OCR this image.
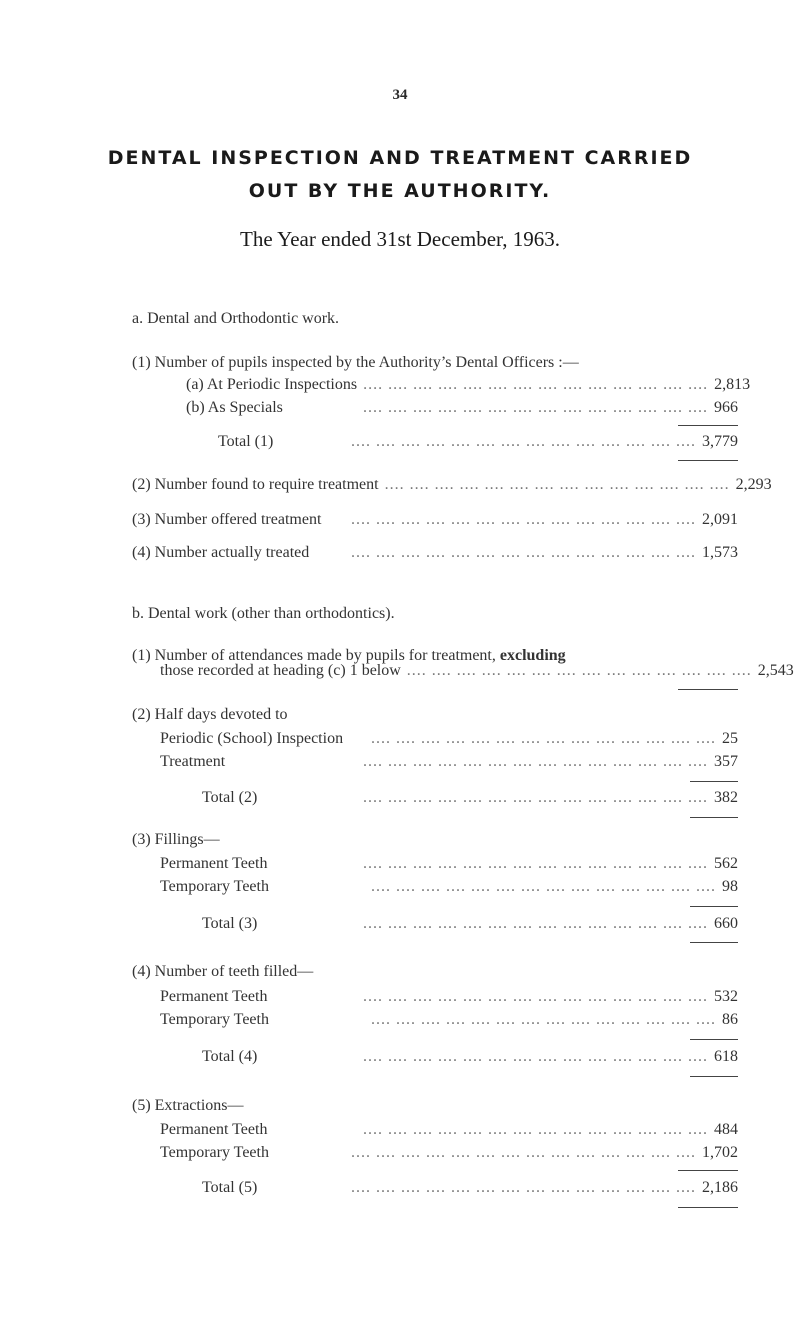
34
DENTAL INSPECTION AND TREATMENT CARRIED
OUT BY THE AUTHORITY.
The Year ended 31st December, 1963.
a. Dental and Orthodontic work.
(1) Number of pupils inspected by the Authority’s Dental Officers :—
(a) At Periodic Inspections .... .... .... .... .... .... .... .... .... .... .... .... .... .... 2,813
(b) As Specials	.... .... .... .... .... .... .... .... .... .... .... .... .... .... 966
Total (1)	.... .... .... .... .... .... .... .... .... .... .... .... .... .... 3,779
(2) Number found to require treatment .... .... .... .... .... .... .... .... .... .... .... .... .... .... 2,293
(3) Number offered treatment	.... .... .... .... .... .... .... .... .... .... .... .... .... .... 2,091
(4) Number actually treated	.... .... .... .... .... .... .... .... .... .... .... .... .... .... 1,573
b. Dental work (other than orthodontics).
(1) Number of attendances made by pupils for treatment, excluding
those recorded at heading (c) 1 below .... .... .... .... .... .... .... .... .... .... .... .... .... .... 2,543
(2) Half days devoted to
Periodic (School) Inspection	.... .... .... .... .... .... .... .... .... .... .... .... .... .... 25
Treatment	.... .... .... .... .... .... .... .... .... .... .... .... .... .... 357
Total (2)	.... .... .... .... .... .... .... .... .... .... .... .... .... .... 382
(3) Fillings—
Permanent Teeth	.... .... .... .... .... .... .... .... .... .... .... .... .... .... 562
Temporary Teeth	.... .... .... .... .... .... .... .... .... .... .... .... .... .... 98
Total (3)	.... .... .... .... .... .... .... .... .... .... .... .... .... .... 660
(4) Number of teeth filled—
Permanent Teeth	.... .... .... .... .... .... .... .... .... .... .... .... .... .... 532
Temporary Teeth	.... .... .... .... .... .... .... .... .... .... .... .... .... .... 86
Total (4)	.... .... .... .... .... .... .... .... .... .... .... .... .... .... 618
(5) Extractions—
Permanent Teeth	.... .... .... .... .... .... .... .... .... .... .... .... .... .... 484
Temporary Teeth	.... .... .... .... .... .... .... .... .... .... .... .... .... .... 1,702
Total (5)	.... .... .... .... .... .... .... .... .... .... .... .... .... .... 2,186
